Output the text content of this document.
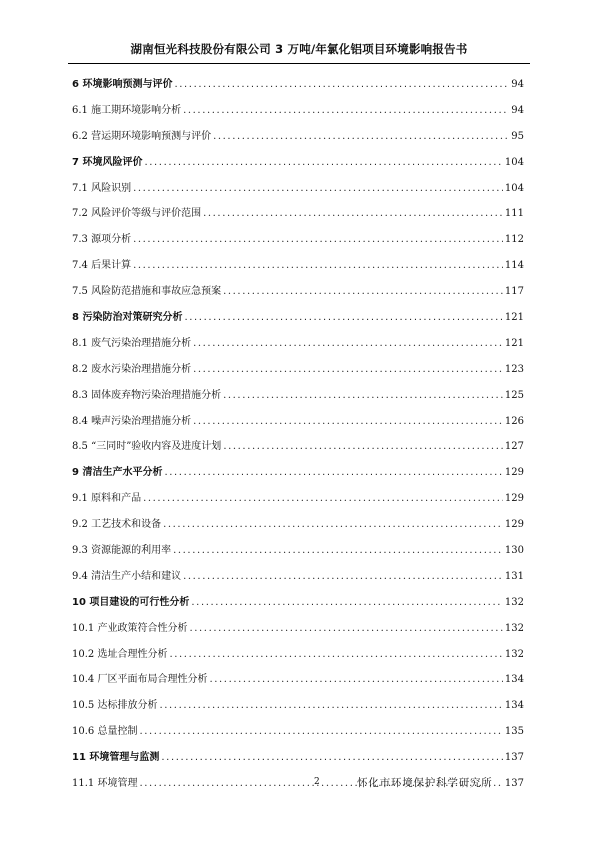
湖南恒光科技股份有限公司 3 万吨/年氯化铝项目环境影响报告书
6 环境影响预测与评价 .....	94
6.1 施工期环境影响分析 .....	94
6.2 营运期环境影响预测与评价 .....	95
7 环境风险评价 .....	104
7.1 风险识别 .....	104
7.2 风险评价等级与评价范围 .....	111
7.3 源项分析 .....	112
7.4 后果计算 .....	114
7.5 风险防范措施和事故应急预案 .....	117
8 污染防治对策研究分析 .....	121
8.1 废气污染治理措施分析 .....	121
8.2 废水污染治理措施分析 .....	123
8.3 固体废弃物污染治理措施分析 .....	125
8.4 噪声污染治理措施分析 .....	126
8.5 “三同时”验收内容及进度计划 .....	127
9 清洁生产水平分析 .....	129
9.1 原料和产品 .....	129
9.2 工艺技术和设备 .....	129
9.3 资源能源的利用率 .....	130
9.4 清洁生产小结和建议 .....	131
10 项目建设的可行性分析 .....	132
10.1 产业政策符合性分析 .....	132
10.2 选址合理性分析 .....	132
10.4 厂区平面布局合理性分析 .....	134
10.5 达标排放分析 .....	134
10.6 总量控制 .....	135
11 环境管理与监测 .....	137
11.1 环境管理 .....	137
2	怀化市环境保护科学研究所
